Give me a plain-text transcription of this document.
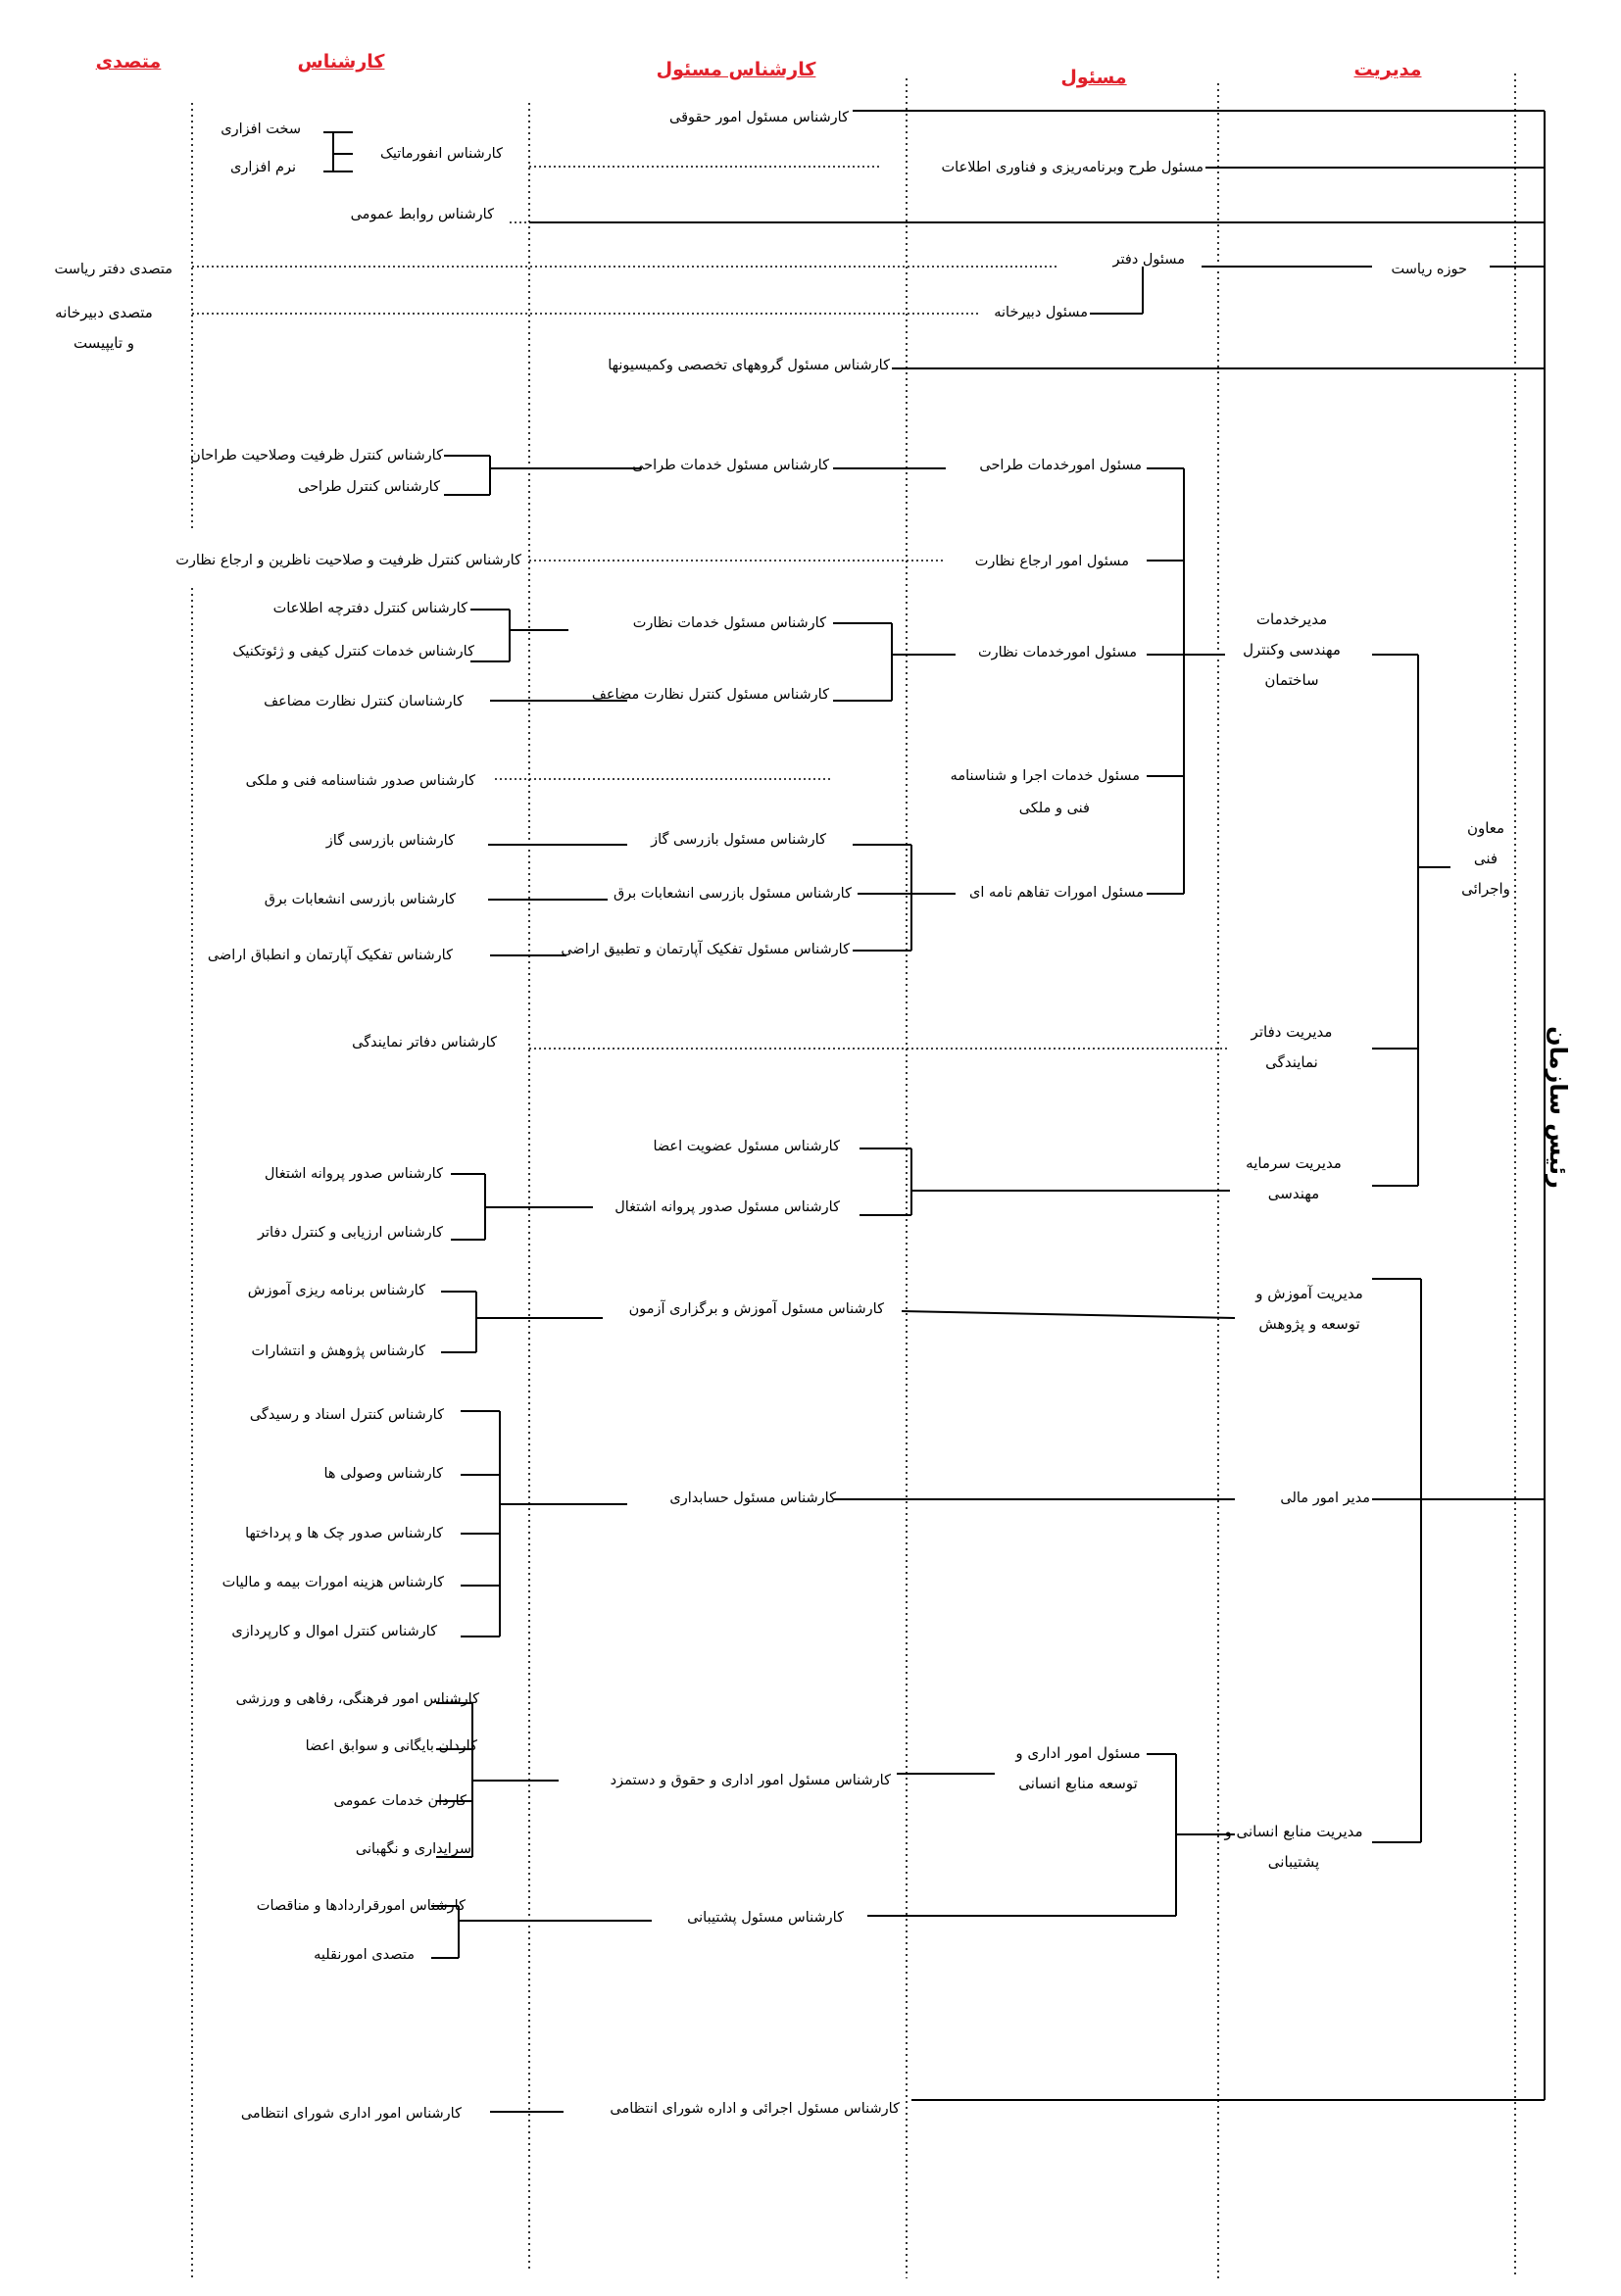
متصدی	کارشناس	کارشناس مسئول	مسئول	مدیریت
رئیس سازمان
حوزه ریاست
معاون
فنی
واجرائی
مدیرخدمات
مهندسی وکنترل
ساختمان
مدیریت دفاتر
نمایندگی
مدیریت سرمایه
مهندسی
مدیریت آموزش و
توسعه و پژوهش
مدیر امور مالی
مدیریت منابع انسانی و
پشتیبانی
مسئول طرح وبرنامه‌ریزی و فناوری اطلاعات
مسئول دفتر
مسئول دبیرخانه
مسئول امورخدمات طراحی
مسئول امور ارجاع نظارت
مسئول امورخدمات نظارت
مسئول خدمات اجرا و شناسنامه
فنی و ملکی
مسئول امورات تفاهم نامه ای
مسئول امور اداری و
توسعه منابع انسانی
کارشناس مسئول امور حقوقی
کارشناس مسئول گروههای تخصصی وکمیسیونها
کارشناس مسئول خدمات طراحی
کارشناس مسئول خدمات نظارت
کارشناس مسئول کنترل نظارت مضاعف
کارشناس مسئول بازرسی گاز
کارشناس مسئول بازرسی انشعابات برق
کارشناس مسئول تفکیک آپارتمان و تطبیق اراضی
کارشناس مسئول عضویت اعضا
کارشناس مسئول صدور پروانه اشتغال
کارشناس مسئول آموزش و برگزاری آزمون
کارشناس مسئول حسابداری
کارشناس مسئول امور اداری و حقوق و دستمزد
کارشناس مسئول پشتیبانی
کارشناس مسئول اجرائی و اداره شورای انتظامی
کارشناس انفورماتیک
سخت افزاری
نرم افزاری
کارشناس روابط عمومی
کارشناس کنترل ظرفیت وصلاحیت طراحان
کارشناس کنترل طراحی
کارشناس کنترل ظرفیت و صلاحیت ناظرین و ارجاع نظارت
کارشناس کنترل دفترچه اطلاعات
کارشناس خدمات کنترل کیفی و ژئوتکنیک
کارشناسان کنترل نظارت مضاعف
کارشناس صدور شناسنامه فنی و ملکی
کارشناس بازرسی گاز
کارشناس بازرسی انشعابات برق
کارشناس تفکیک آپارتمان و انطباق اراضی
کارشناس دفاتر نمایندگی
کارشناس صدور پروانه اشتغال
کارشناس ارزیابی و کنترل دفاتر
کارشناس برنامه ریزی آموزش
کارشناس پژوهش و انتشارات
کارشناس کنترل اسناد و رسیدگی
کارشناس وصولی ها
کارشناس صدور چک ها و پرداختها
کارشناس هزینه امورات بیمه و مالیات
کارشناس کنترل اموال و کارپردازی
کارشناس امور فرهنگی، رفاهی و ورزشی
کاردان بایگانی و سوابق اعضا
کاردان خدمات عمومی
سرایداری و نگهبانی
کارشناس امورقراردادها و مناقصات
کارشناس امور اداری شورای انتظامی
متصدی دفتر ریاست
متصدی دبیرخانه
و تایپیست
متصدی امورنقلیه
